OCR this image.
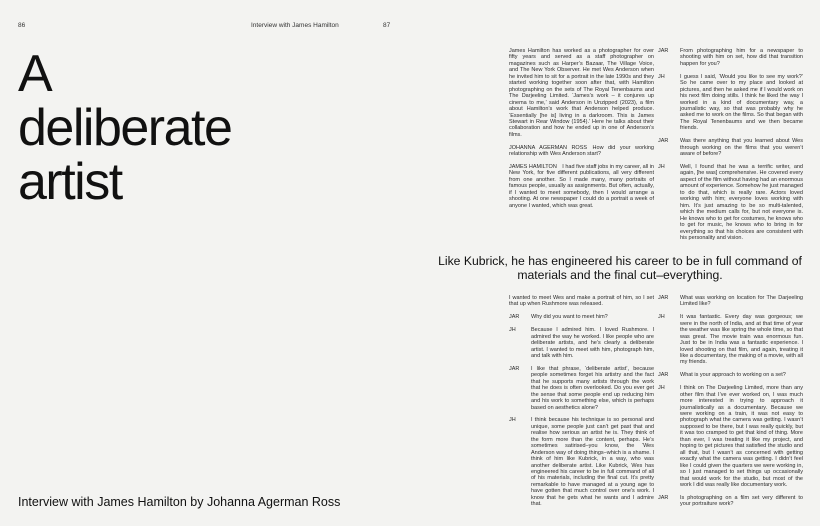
86
A deliberate artist
Interview with James Hamilton by Johanna Agerman Ross
Interview with James Hamilton	87

James Hamilton has worked as a photographer for over fifty years and served as a staff photographer on magazines such as Harper’s Bazaar, The Village Voice, and The New York Observer. He met Wes Anderson when he invited him to sit for a portrait in the late 1990s and they started working together soon after that, with Hamilton photographing on the sets of The Royal Tenenbaums and The Darjeeling Limited. ‘James’s work – it conjures up cinema to me,’ said Anderson in Unzipped (2023), a film about Hamilton’s work that Anderson helped produce. ‘Essentially [he is] living in a darkroom. This is James Stewart in Rear Window (1954).’ Here he talks about their collaboration and how he ended up in one of Anderson’s films.

JOHANNA AGERMAN ROSS How did your working relationship with Wes Anderson start?

JAMES HAMILTON I had five staff jobs in my career, all in New York, for five different publications, all very different from one another. So I made many, many portraits of famous people, usually as assignments. But often, actually, if I wanted to meet somebody, then I would arrange a shooting. At one newspaper I could do a portrait a week of anyone I wanted, which was great.

JAR	From photographing him for a newspaper to shooting with him on set, how did that transition happen for you?
JH	I guess I said, ‘Would you like to see my work?’ So he came over to my place and looked at pictures, and then he asked me if I would work on his next film doing stills. I think he liked the way I worked in a kind of documentary way, a journalistic way, so that was probably why he asked me to work on the films. So that began with The Royal Tenenbaums and we then became friends.
JAR	Was there anything that you learned about Wes through working on the films that you weren’t aware of before?
JH	Well, I found that he was a terrific writer, and again, [he was] comprehensive. He covered every aspect of the film without having had an enormous amount of experience. Somehow he just managed to do that, which is really rare. Actors loved working with him; everyone loves working with him. It’s just amazing to be so multi-talented, which the medium calls for, but not everyone is. He knows who to get for costumes, he knows who to get for music, he knows who to bring in for everything so that his choices are consistent with his personality and vision.
Like Kubrick, he has engineered his career to be in full command of materials and the final cut–everything.

I wanted to meet Wes and make a portrait of him, so I set that up when Rushmore was released.

JAR	Why did you want to meet him?
JH	Because I admired him. I loved Rushmore. I admired the way he worked. I like people who are deliberate artists, and he’s clearly a deliberate artist. I wanted to meet with him, photograph him, and talk with him.
JAR	I like that phrase, ‘deliberate artist’, because people sometimes forget his artistry and the fact that he supports many artists through the work that he does is often overlooked. Do you ever get the sense that some people end up reducing him and his work to something else, which is perhaps based on aesthetics alone?
JH	I think because his technique is so personal and unique, some people just can’t get past that and realise how serious an artist he is. They think of the form more than the content, perhaps. He’s sometimes satirised–you know, the ‘Wes Anderson way of doing things–which is a shame. I think of him like Kubrick, in a way, who was another deliberate artist. Like Kubrick, Wes has engineered his career to be in full command of all of his materials, including the final cut. It’s pretty remarkable to have managed at a young age to have gotten that much control over one’s work. I know that he gets what he wants and I admire that.
JAR	What was working on location for The Darjeeling Limited like?
JH	It was fantastic. Every day was gorgeous; we were in the north of India, and at that time of year the weather was like spring the whole time, so that was great. The movie train was enormous fun. Just to be in India was a fantastic experience. I loved shooting on that film, and again, treating it like a documentary, the making of a movie, with all my friends.
JAR	What is your approach to working on a set?
JH	I think on The Darjeeling Limited, more than any other film that I’ve ever worked on, I was much more interested in trying to approach it journalistically as a documentary. Because we were working on a train, it was not easy to photograph what the camera was getting. I wasn’t supposed to be there, but I was really quickly, but it was too cramped to get that kind of thing. More than ever, I was treating it like my project, and hoping to get pictures that satisfied the studio and all that, but I wasn’t as concerned with getting exactly what the camera was getting. I didn’t feel like I could given the quarters we were working in, so I just managed to set things up occasionally that would work for the studio, but most of the work I did was really like documentary work.
JAR	Is photographing on a film set very different to your portraiture work?
